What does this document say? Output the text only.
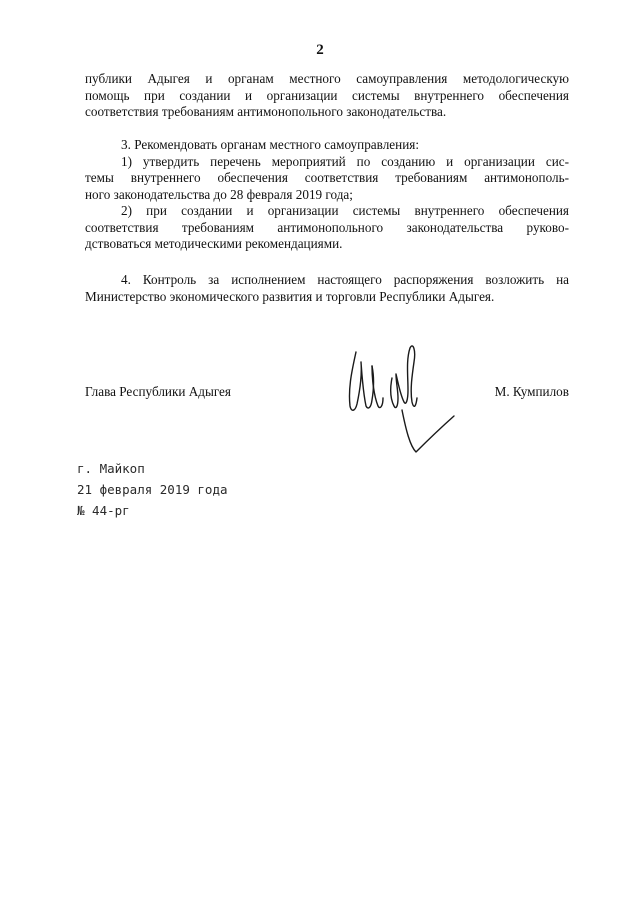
2
публики Адыгея и органам местного самоуправления методологическую
помощь при создании и организации системы внутреннего обеспечения
соответствия требованиям антимонопольного законодательства.
3. Рекомендовать органам местного самоуправления:
1) утвердить перечень мероприятий по созданию и организации сис-
темы внутреннего обеспечения соответствия требованиям антимонополь-
ного законодательства до 28 февраля 2019 года;
2) при создании и организации системы внутреннего обеспечения
соответствия требованиям антимонопольного законодательства руково-
дствоваться методическими рекомендациями.
4. Контроль за исполнением настоящего распоряжения возложить на
Министерство экономического развития и торговли Республики Адыгея.
Глава Республики Адыгея	М. Кумпилов
г. Майкоп
21 февраля 2019 года
№ 44-рг
